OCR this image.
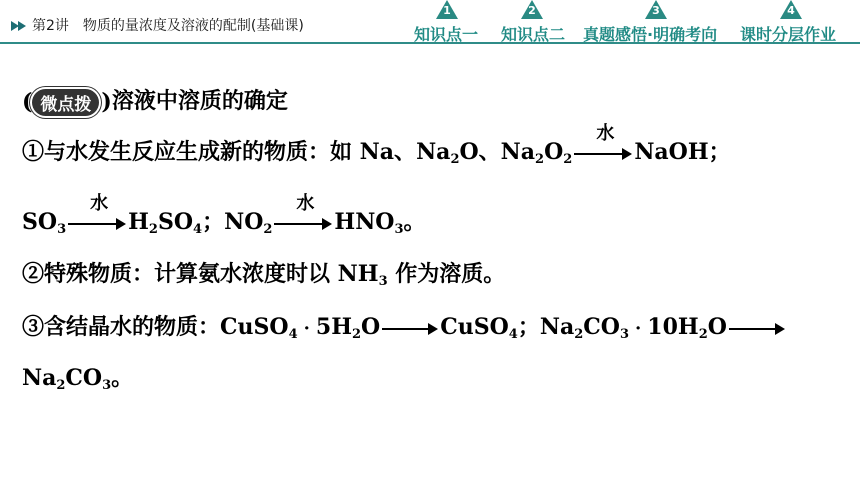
第2讲　物质的量浓度及溶液的配制(基础课)
1
知识点一
2
知识点二
3
真题感悟·明确考向
4
课时分层作业
( 微点拨 )溶液中溶质的确定
①与水发生反应生成新的物质：如 Na、$Na_2O$、$Na_2O_2$
水
NaOH；
$SO_3$
水
$H_2SO_4$；$NO_2$
水
$HNO_3$。
②特殊物质：计算氨水浓度时以 $NH_3$ 作为溶质。
③含结晶水的物质：CuSO$_4$ · $5H_2O$	CuSO$_4$；$Na_2CO_3 \cdot 10H_2O$
$Na_2CO_3$。
